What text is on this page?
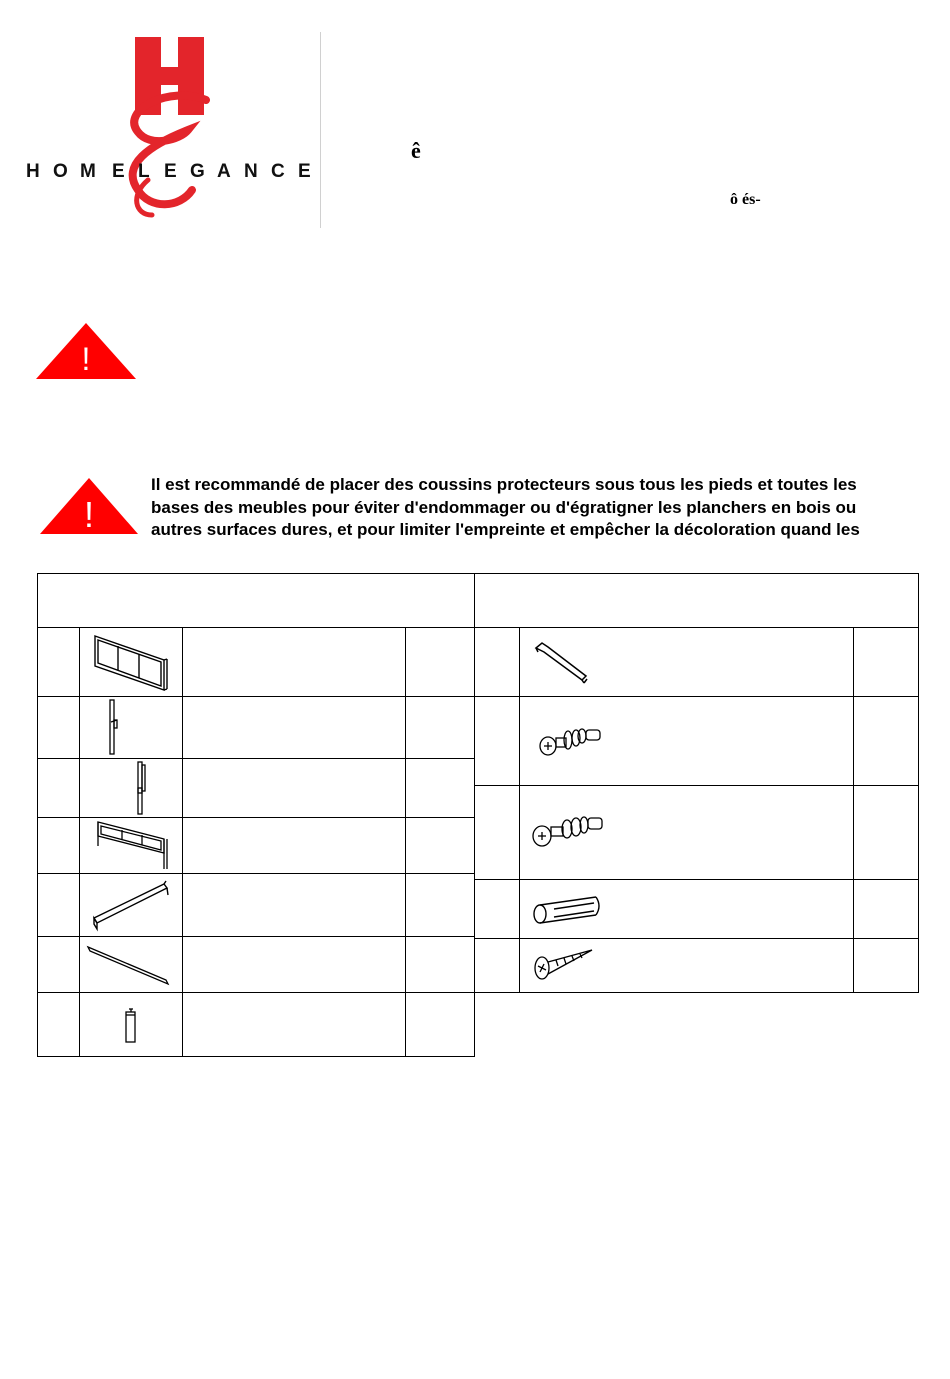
H O M E L E G A N C E
ê
ô és-
!
!
Il est recommandé de placer des coussins protecteurs sous tous les pieds et toutes les
bases des meubles pour éviter d'endommager ou d'égratigner les planchers en bois ou
autres surfaces dures, et pour limiter l'empreinte et empêcher la décoloration quand les
